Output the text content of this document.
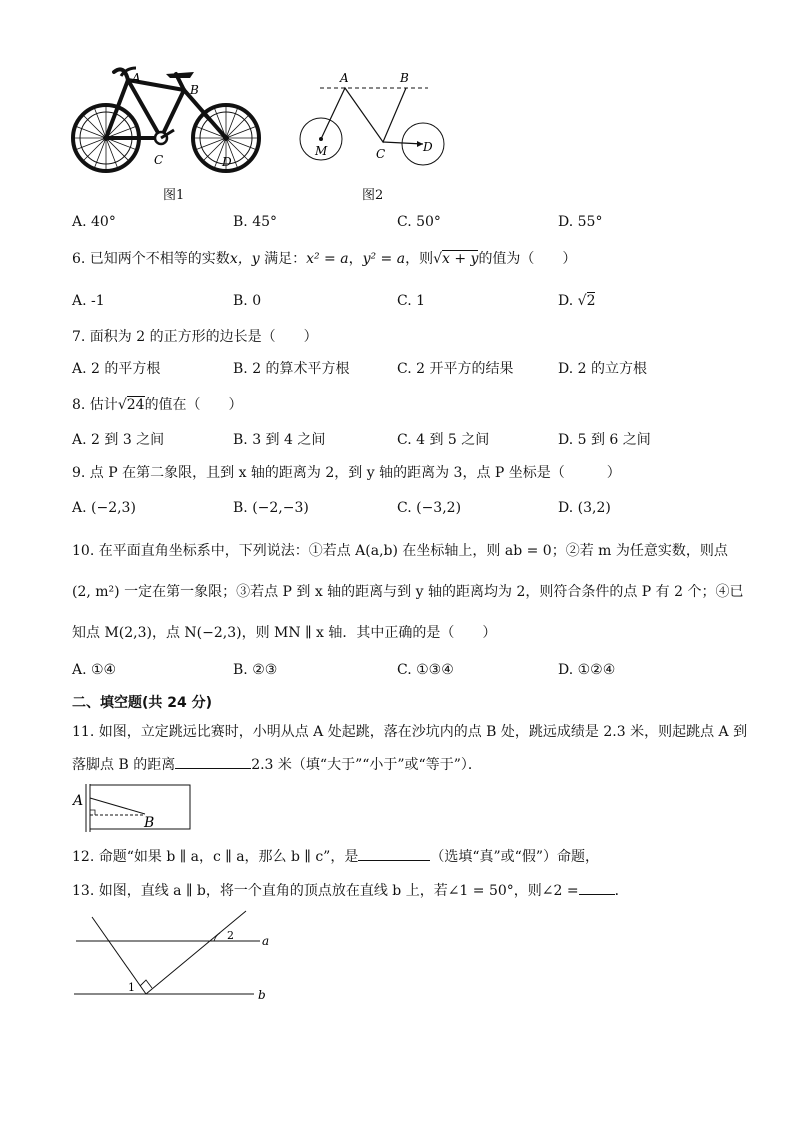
A
B
C	D
图1
A	B
M	C	D
图2
A. 40°	B. 45°	C. 50°	D. 55°
6. 已知两个不相等的实数x，y 满足：x² = a，y² = a，则√x + y的值为（　　）
A. -1	B. 0	C. 1	D. √2
7. 面积为 2 的正方形的边长是（　　）
A. 2 的平方根	B. 2 的算术平方根	C. 2 开平方的结果	D. 2 的立方根
8. 估计√24的值在（　　）
A. 2 到 3 之间	B. 3 到 4 之间	C. 4 到 5 之间	D. 5 到 6 之间
9. 点 P 在第二象限，且到 x 轴的距离为 2，到 y 轴的距离为 3，点 P 坐标是（　　　）
A. (−2,3)	B. (−2,−3)	C. (−3,2)	D. (3,2)
10. 在平面直角坐标系中，下列说法：①若点 A(a,b) 在坐标轴上，则 ab = 0；②若 m 为任意实数，则点
(2, m²) 一定在第一象限；③若点 P 到 x 轴的距离与到 y 轴的距离均为 2，则符合条件的点 P 有 2 个；④已
知点 M(2,3)，点 N(−2,3)，则 MN ∥ x 轴．其中正确的是（　　）
A. ①④	B. ②③	C. ①③④	D. ①②④
二、填空题(共 24 分)
11. 如图，立定跳远比赛时，小明从点 A 处起跳，落在沙坑内的点 B 处，跳远成绩是 2.3 米，则起跳点 A 到
落脚点 B 的距离	2.3 米（填“大于”“小于”或“等于”）．
A
B
12. 命题“如果 b ∥ a，c ∥ a，那么 b ∥ c”，是	（选填“真”或“假”）命题，
13. 如图，直线 a ∥ b，将一个直角的顶点放在直线 b 上，若∠1 = 50°，则∠2 =	．
1
2 a
b
